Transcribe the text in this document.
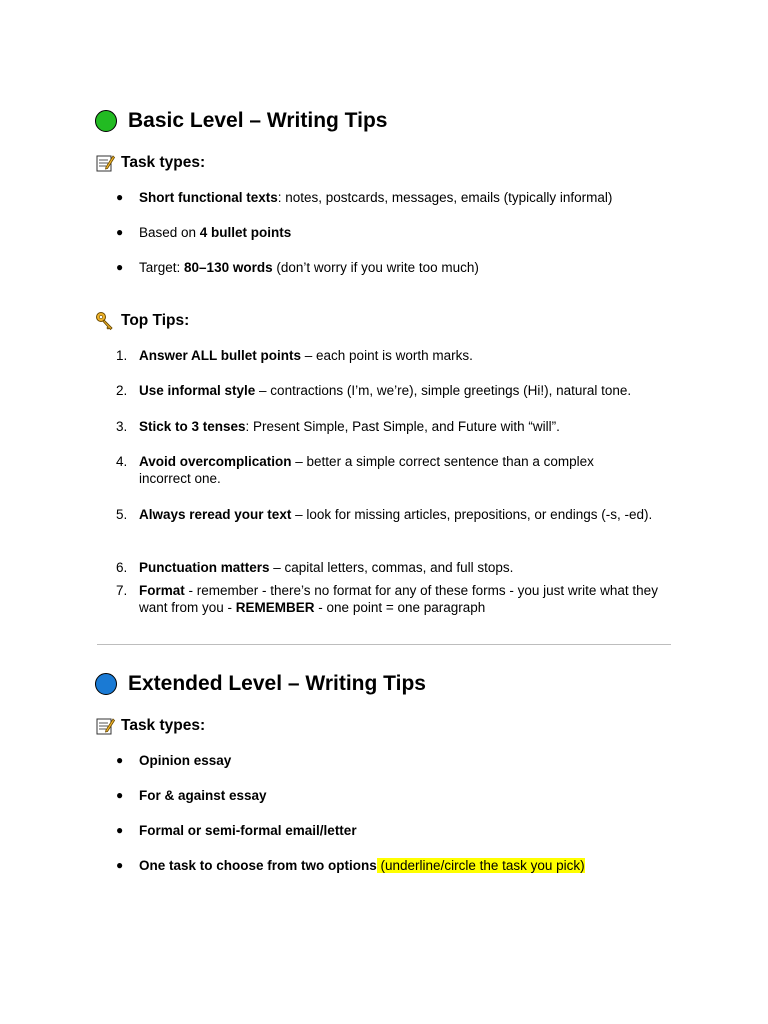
Basic Level – Writing Tips
Task types:
● Short functional texts: notes, postcards, messages, emails (typically informal)
● Based on 4 bullet points
● Target: 80–130 words (don’t worry if you write too much)
Top Tips:
1. Answer ALL bullet points – each point is worth marks.
2. Use informal style – contractions (I’m, we’re), simple greetings (Hi!), natural tone.
3. Stick to 3 tenses: Present Simple, Past Simple, and Future with “will”.
4. Avoid overcomplication – better a simple correct sentence than a complex incorrect one.
5. Always reread your text – look for missing articles, prepositions, or endings (-s, -ed).
6. Punctuation matters – capital letters, commas, and full stops.
7. Format - remember - there’s no format for any of these forms - you just write what they want from you - REMEMBER - one point = one paragraph
Extended Level – Writing Tips
Task types:
● Opinion essay
● For & against essay
● Formal or semi-formal email/letter
● One task to choose from two options (underline/circle the task you pick)
